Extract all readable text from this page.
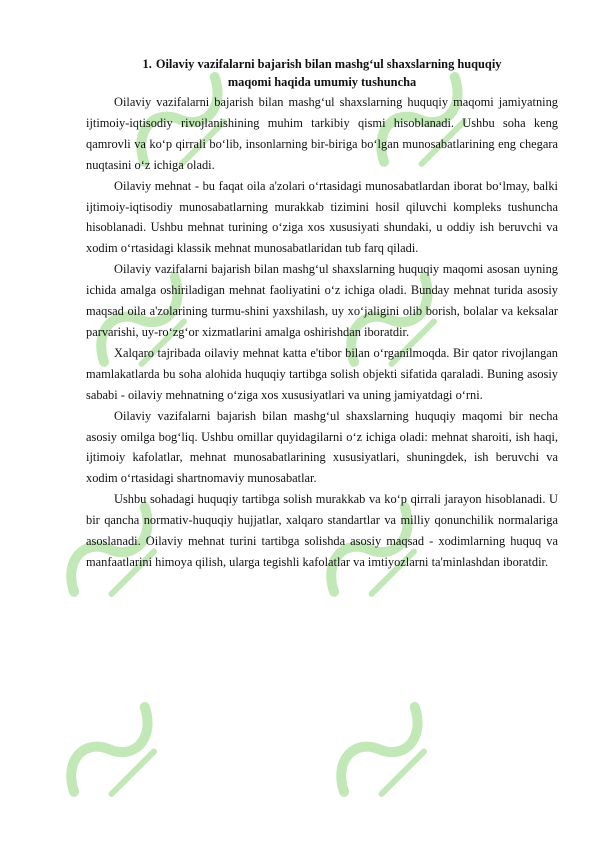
1. Oilaviy vazifalarni bajarish bilan mashg‘ul shaxslarning huquqiy
maqomi haqida umumiy tushuncha

Oilaviy vazifalarni bajarish bilan mashg‘ul shaxslarning huquqiy maqomi jamiyatning ijtimoiy-iqtisodiy rivojlanishining muhim tarkibiy qismi hisoblanadi. Ushbu soha keng qamrovli va ko‘p qirrali bo‘lib, insonlarning bir-biriga bo‘lgan munosabatlarining eng chegara nuqtasini o‘z ichiga oladi.

Oilaviy mehnat - bu faqat oila a'zolari o‘rtasidagi munosabatlardan iborat bo‘lmay, balki ijtimoiy-iqtisodiy munosabatlarning murakkab tizimini hosil qiluvchi kompleks tushuncha hisoblanadi. Ushbu mehnat turining o‘ziga xos xususiyati shundaki, u oddiy ish beruvchi va xodim o‘rtasidagi klassik mehnat munosabatlaridan tub farq qiladi.

Oilaviy vazifalarni bajarish bilan mashg‘ul shaxslarning huquqiy maqomi asosan uyning ichida amalga oshiriladigan mehnat faoliyatini o‘z ichiga oladi. Bunday mehnat turida asosiy maqsad oila a'zolarining turmu-shini yaxshilash, uy xo‘jaligini olib borish, bolalar va keksalar parvarishi, uy-ro‘zg‘or xizmatlarini amalga oshirishdan iboratdir.

Xalqaro tajribada oilaviy mehnat katta e'tibor bilan o‘rganilmoqda. Bir qator rivojlangan mamlakatlarda bu soha alohida huquqiy tartibga solish objekti sifatida qaraladi. Buning asosiy sababi - oilaviy mehnatning o‘ziga xos xususiyatlari va uning jamiyatdagi o‘rni.

Oilaviy vazifalarni bajarish bilan mashg‘ul shaxslarning huquqiy maqomi bir necha asosiy omilga bog‘liq. Ushbu omillar quyidagilarni o‘z ichiga oladi: mehnat sharoiti, ish haqi, ijtimoiy kafolatlar, mehnat munosabatlarining xususiyatlari, shuningdek, ish beruvchi va xodim o‘rtasidagi shartnomaviy munosabatlar.

Ushbu sohadagi huquqiy tartibga solish murakkab va ko‘p qirrali jarayon hisoblanadi. U bir qancha normativ-huquqiy hujjatlar, xalqaro standartlar va milliy qonunchilik normalariga asoslanadi. Oilaviy mehnat turini tartibga solishda asosiy maqsad - xodimlarning huquq va manfaatlarini himoya qilish, ularga tegishli kafolatlar va imtiyozlarni ta'minlashdan iboratdir.
